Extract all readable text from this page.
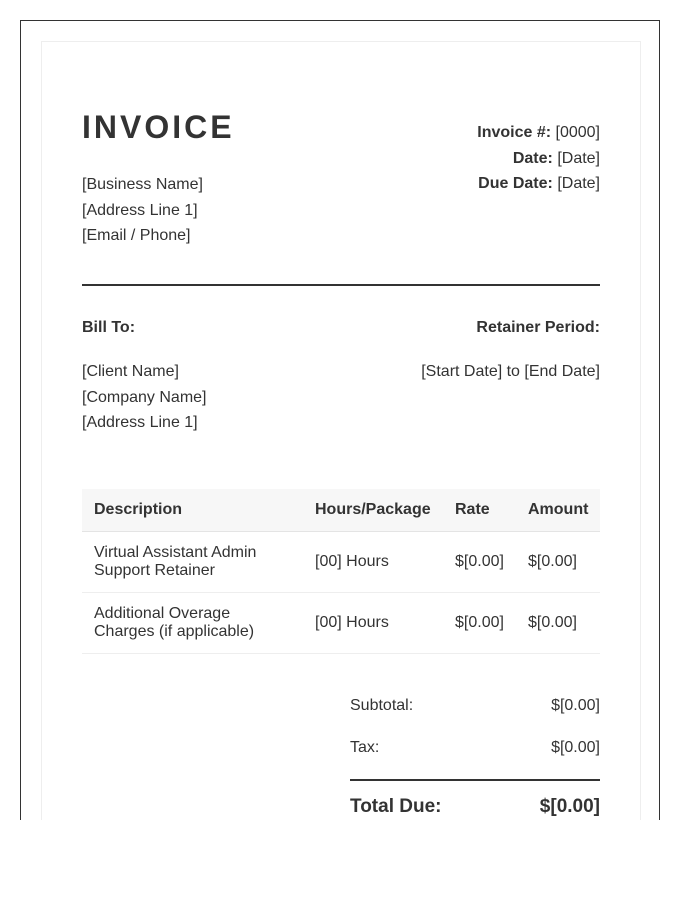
INVOICE
[Business Name]
[Address Line 1]
[Email / Phone]
Invoice #: [0000]
Date: [Date]
Due Date: [Date]
Bill To:	Retainer Period:
[Client Name]
[Company Name]
[Address Line 1]
[Start Date] to [End Date]
Description	Hours/Package	Rate	Amount

Virtual Assistant Admin
Support Retainer	[00] Hours	$[0.00]	$[0.00]

Additional Overage
Charges (if applicable)	[00] Hours	$[0.00]	$[0.00]
Subtotal:	$[0.00]
Tax:	$[0.00]
Total Due:	$[0.00]
